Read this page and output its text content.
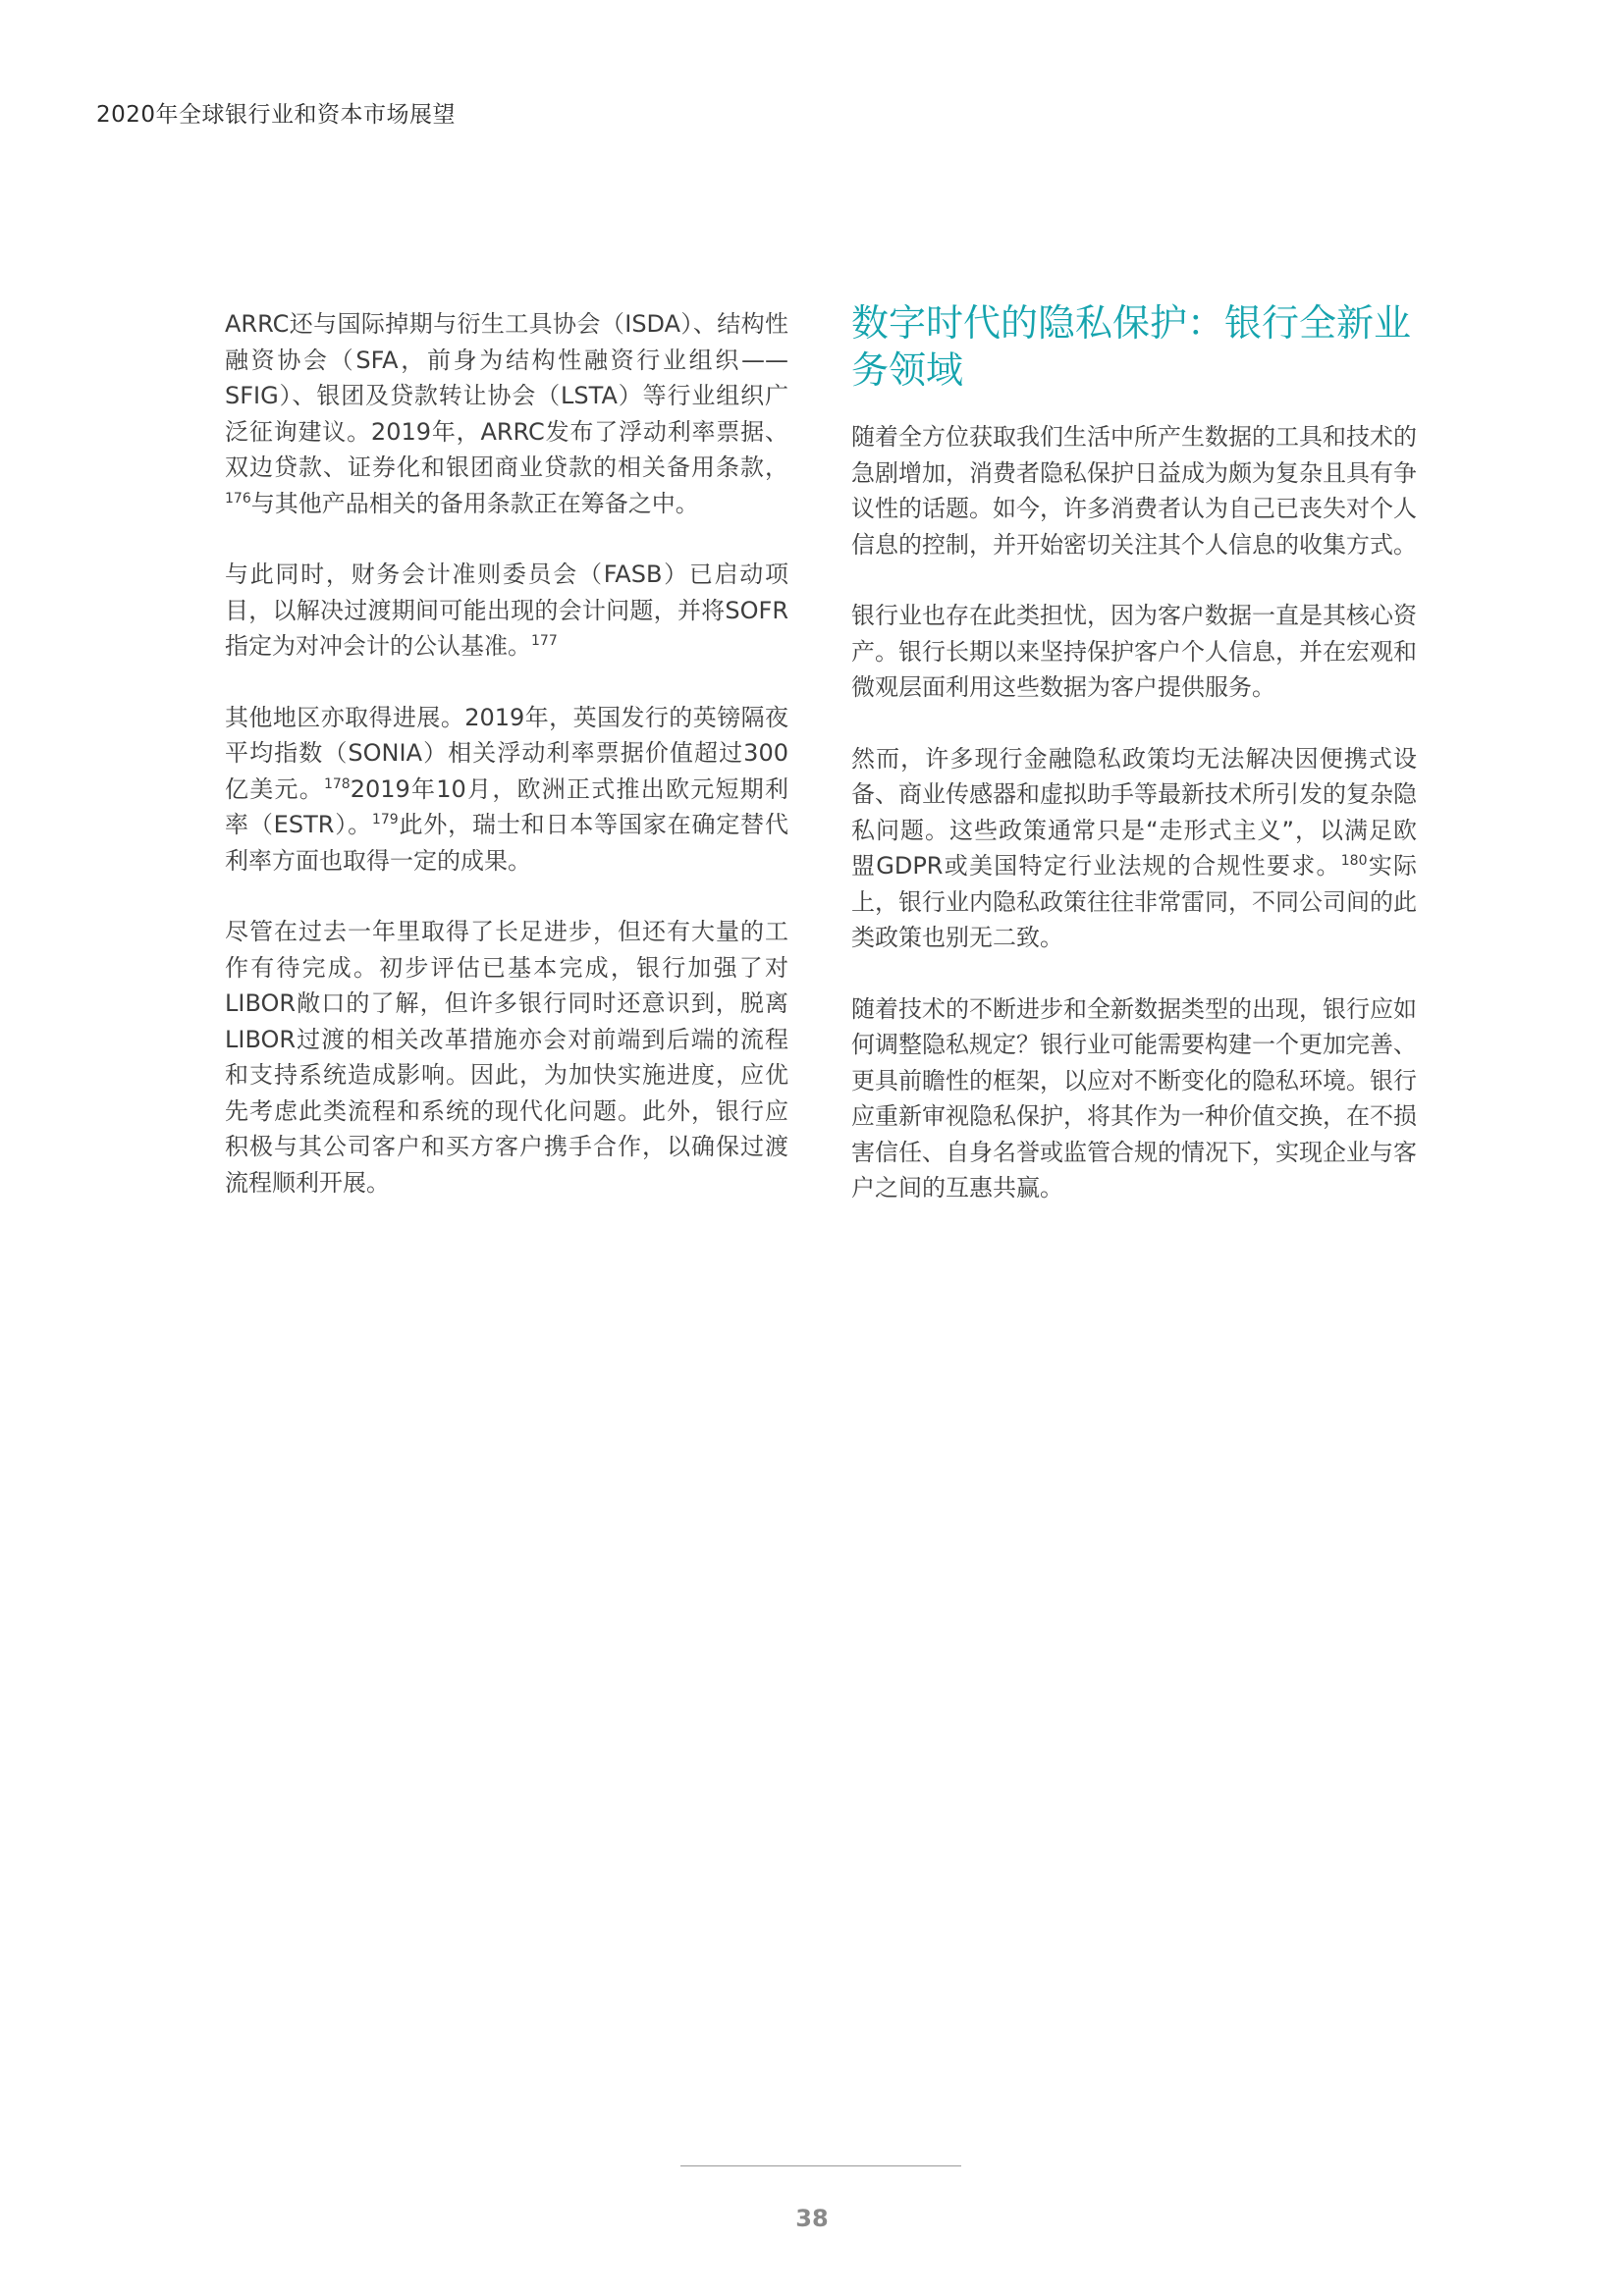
2020年全球银行业和资本市场展望

ARRC还与国际掉期与衍生工具协会（ISDA）、结构性融资协会（SFA，前身为结构性融资行业组织——SFIG）、银团及贷款转让协会（LSTA）等行业组织广泛征询建议。2019年，ARRC发布了浮动利率票据、双边贷款、证券化和银团商业贷款的相关备用条款，$^{176}$与其他产品相关的备用条款正在筹备之中。

与此同时，财务会计准则委员会（FASB）已启动项目，以解决过渡期间可能出现的会计问题，并将SOFR指定为对冲会计的公认基准。$^{177}$

其他地区亦取得进展。2019年，英国发行的英镑隔夜平均指数（SONIA）相关浮动利率票据价值超过300亿美元。$^{178}$2019年10月，欧洲正式推出欧元短期利率（ESTR）。$^{179}$此外，瑞士和日本等国家在确定替代利率方面也取得一定的成果。

尽管在过去一年里取得了长足进步，但还有大量的工作有待完成。初步评估已基本完成，银行加强了对LIBOR敞口的了解，但许多银行同时还意识到，脱离LIBOR过渡的相关改革措施亦会对前端到后端的流程和支持系统造成影响。因此，为加快实施进度，应优先考虑此类流程和系统的现代化问题。此外，银行应积极与其公司客户和买方客户携手合作，以确保过渡流程顺利开展。

数字时代的隐私保护：银行全新业务领域

随着全方位获取我们生活中所产生数据的工具和技术的急剧增加，消费者隐私保护日益成为颇为复杂且具有争议性的话题。如今，许多消费者认为自己已丧失对个人信息的控制，并开始密切关注其个人信息的收集方式。

银行业也存在此类担忧，因为客户数据一直是其核心资产。银行长期以来坚持保护客户个人信息，并在宏观和微观层面利用这些数据为客户提供服务。

然而，许多现行金融隐私政策均无法解决因便携式设备、商业传感器和虚拟助手等最新技术所引发的复杂隐私问题。这些政策通常只是“走形式主义”，以满足欧盟GDPR或美国特定行业法规的合规性要求。$^{180}$实际上，银行业内隐私政策往往非常雷同，不同公司间的此类政策也别无二致。

随着技术的不断进步和全新数据类型的出现，银行应如何调整隐私规定？银行业可能需要构建一个更加完善、更具前瞻性的框架，以应对不断变化的隐私环境。银行应重新审视隐私保护，将其作为一种价值交换，在不损害信任、自身名誉或监管合规的情况下，实现企业与客户之间的互惠共赢。

38
